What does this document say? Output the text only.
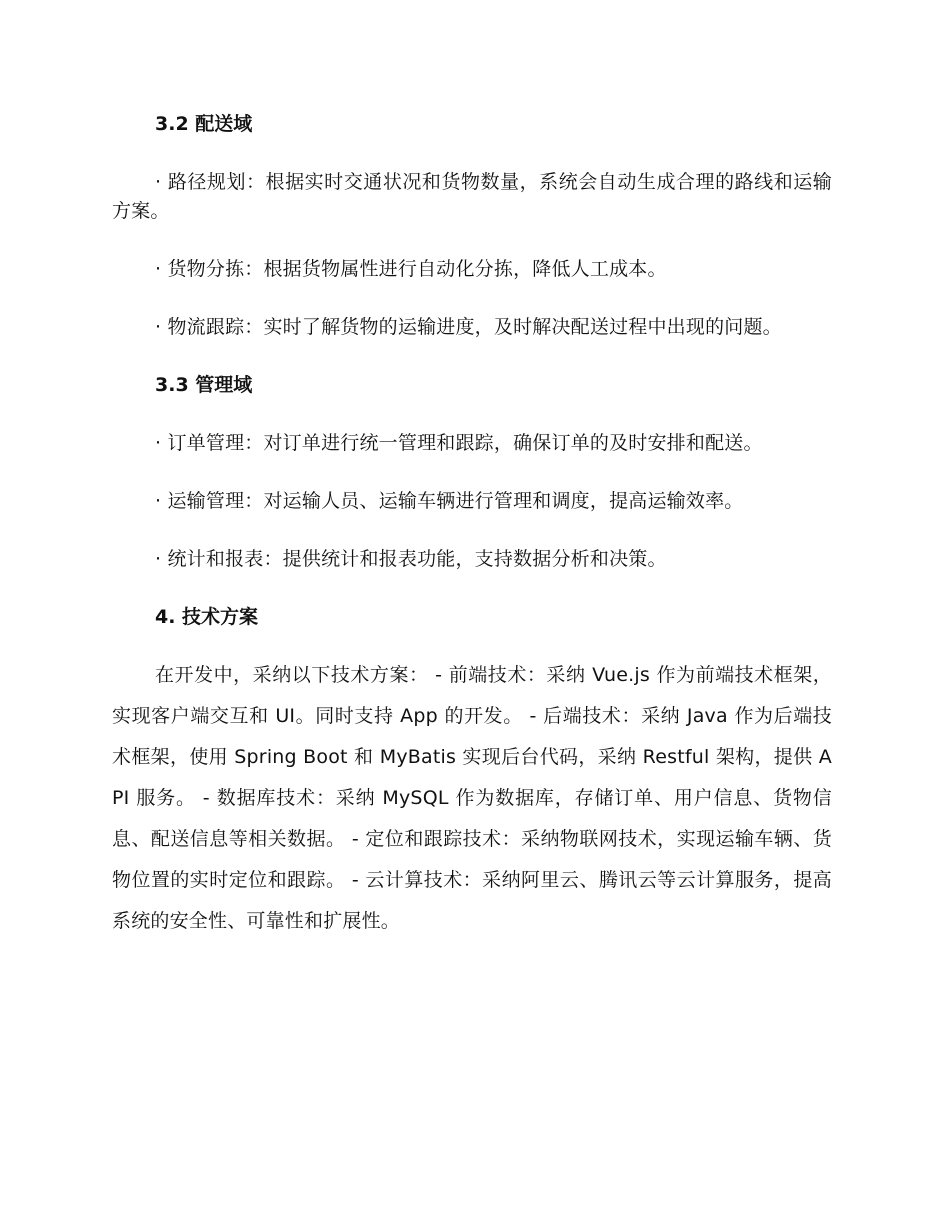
3.2 配送域

· 路径规划：根据实时交通状况和货物数量，系统会自动生成合理的路线和运输方案。

· 货物分拣：根据货物属性进行自动化分拣，降低人工成本。

· 物流跟踪：实时了解货物的运输进度，及时解决配送过程中出现的问题。

3.3 管理域

· 订单管理：对订单进行统一管理和跟踪，确保订单的及时安排和配送。

· 运输管理：对运输人员、运输车辆进行管理和调度，提高运输效率。

· 统计和报表：提供统计和报表功能，支持数据分析和决策。

4. 技术方案

在开发中，采纳以下技术方案： - 前端技术：采纳 Vue.js 作为前端技术框架，实现客户端交互和 UI。同时支持 App 的开发。 - 后端技术：采纳 Java 作为后端技术框架，使用 Spring Boot 和 MyBatis 实现后台代码，采纳 Restful 架构，提供 API 服务。 - 数据库技术：采纳 MySQL 作为数据库，存储订单、用户信息、货物信息、配送信息等相关数据。 - 定位和跟踪技术：采纳物联网技术，实现运输车辆、货物位置的实时定位和跟踪。 - 云计算技术：采纳阿里云、腾讯云等云计算服务，提高系统的安全性、可靠性和扩展性。
